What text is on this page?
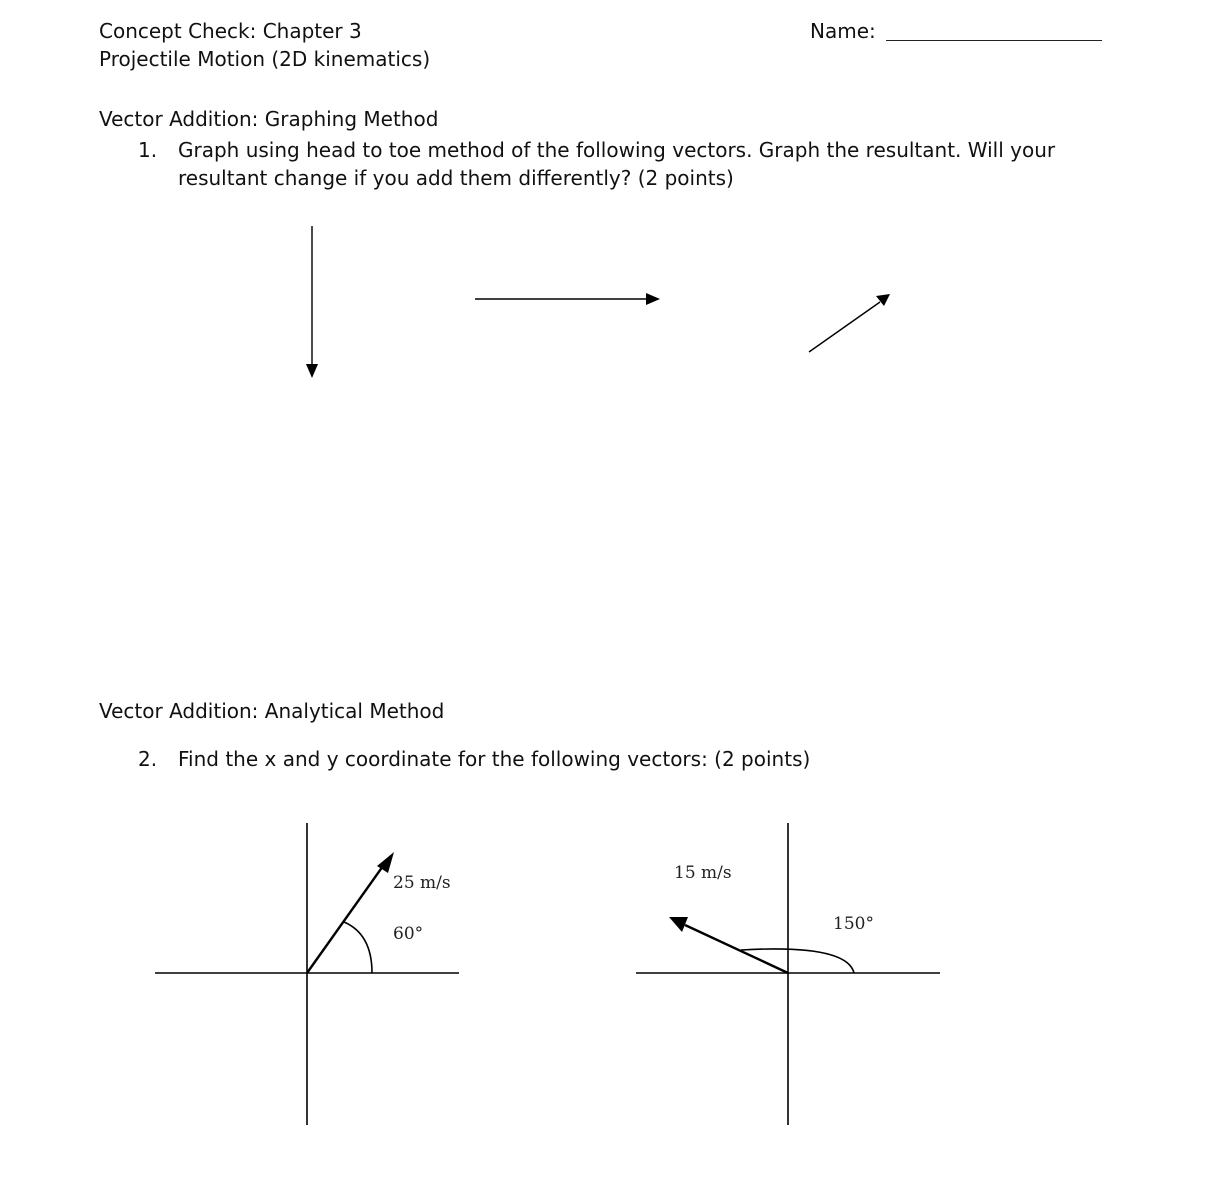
Concept Check: Chapter 3
Projectile Motion (2D kinematics)
Name:
Vector Addition: Graphing Method
1. Graph using head to toe method of the following vectors. Graph the resultant. Will your resultant change if you add them differently? (2 points)
Vector Addition: Analytical Method
2. Find the x and y coordinate for the following vectors: (2 points)
25 m/s
60°
15 m/s
150°
